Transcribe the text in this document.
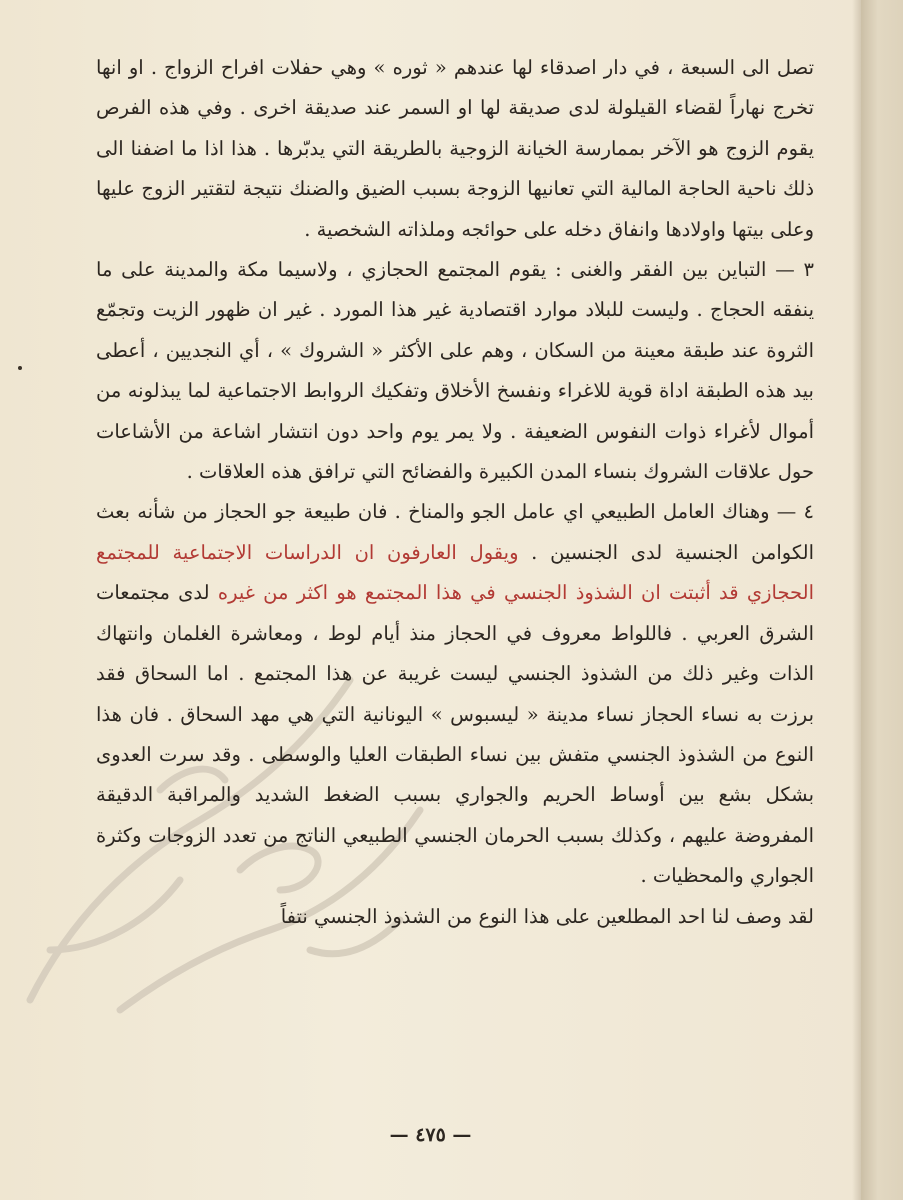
تصل الى السبعة ، في دار اصدقاء لها عندهم « ثوره » وهي حفلات افراح الزواج . او انها تخرج نهاراً لقضاء القيلولة لدى صديقة لها او السمر عند صديقة اخرى . وفي هذه الفرص يقوم الزوج هو الآخر بممارسة الخيانة الزوجية بالطريقة التي يدبّرها . هذا اذا ما اضفنا الى ذلك ناحية الحاجة المالية التي تعانيها الزوجة بسبب الضيق والضنك نتيجة لتقتير الزوج عليها وعلى بيتها واولادها وانفاق دخله على حوائجه وملذاته الشخصية .

٣ — التباين بين الفقر والغنى : يقوم المجتمع الحجازي ، ولاسيما مكة والمدينة على ما ينفقه الحجاج . وليست للبلاد موارد اقتصادية غير هذا المورد . غير ان ظهور الزيت وتجمّع الثروة عند طبقة معينة من السكان ، وهم على الأكثر « الشروك » ، أي النجديين ، أعطى بيد هذه الطبقة اداة قوية للاغراء ونفسخ الأخلاق وتفكيك الروابط الاجتماعية لما يبذلونه من أموال لأغراء ذوات النفوس الضعيفة . ولا يمر يوم واحد دون انتشار اشاعة من الأشاعات حول علاقات الشروك بنساء المدن الكبيرة والفضائح التي ترافق هذه العلاقات .

٤ — وهناك العامل الطبيعي اي عامل الجو والمناخ . فان طبيعة جو الحجاز من شأنه بعث الكوامن الجنسية لدى الجنسين . ويقول العارفون ان الدراسات الاجتماعية للمجتمع الحجازي قد أثبتت ان الشذوذ الجنسي في هذا المجتمع هو اكثر من غيره لدى مجتمعات الشرق العربي . فاللواط معروف في الحجاز منذ أيام لوط ، ومعاشرة الغلمان وانتهاك الذات وغير ذلك من الشذوذ الجنسي ليست غريبة عن هذا المجتمع . اما السحاق فقد برزت به نساء الحجاز نساء مدينة « ليسبوس » اليونانية التي هي مهد السحاق . فان هذا النوع من الشذوذ الجنسي متفش بين نساء الطبقات العليا والوسطى . وقد سرت العدوى بشكل بشع بين أوساط الحريم والجواري بسبب الضغط الشديد والمراقبة الدقيقة المفروضة عليهم ، وكذلك بسبب الحرمان الجنسي الطبيعي الناتج من تعدد الزوجات وكثرة الجواري والمحظيات .

لقد وصف لنا احد المطلعين على هذا النوع من الشذوذ الجنسي نتفاً

— ٤٧٥ —
